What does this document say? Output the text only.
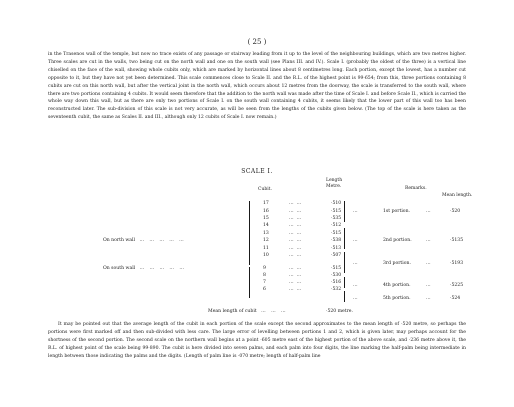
( 25 )

in the Trasenos wall of the temple, but now no trace exists of any passage or stairway leading from it up to the level of the neighbouring buildings, which are two metres higher. Three scales are cut in the walls, two being cut on the north wall and one on the south wall (see Plans III. and IV.). Scale I. (probably the oldest of the three) is a vertical line chiselled on the face of the wall, showing whole cubits only, which are marked by horizontal lines about 8 centimetres long. Each portion, except the lowest, has a number cut opposite to it, but they have not yet been determined. This scale commences close to Scale II. and the R.L. of the highest point is 99·654; from this, three portions containing 8 cubits are cut on this north wall, but after the vertical joint in the north wall, which occurs about 12 metres from the doorway, the scale is transferred to the south wall, where there are two portions containing 4 cubits. It would seem therefore that the addition to the north wall was made after the time of Scale I. and before Scale II., which is carried the whole way down this wall, but as there are only two portions of Scale I. on the south wall containing 4 cubits, it seems likely that the lower part of this wall too has been reconstructed later. The sub-division of this scale is not very accurate, as will be seen from the lengths of the cubits given below. (The top of the scale is here taken as the seventeenth cubit, the same as Scales II. and III., although only 12 cubits of Scale I. now remain.)

SCALE I.
Cubit.
Length
Metre.	Remarks.
Mean length.
On north wall  …  …  …  …  …
On south wall  …  …  …  …  …
17	… …	·510
16	… …	·515
15	… …	·535
14	… …	·512
13	… …	·515
12	… …	·538
11	… …	·513
10	… …	·507
9	… …	·515
8	… …	·530
7	… …	·516
6	… …	·532
…	1st portion.	…	·520
…	2nd portion.	…	·5135
…	3rd portion.	…	·5193
…	4th portion.	…	·5225
…	5th portion.	…	·524
Mean length of cubit  …  …  …	·520 metre.

It may be pointed out that the average length of the cubit in each portion of the scale except the second approximates to the mean length of ·520 metre, so perhaps the portions were first marked off and then sub-divided with less care. The large error of levelling between portions 1 and 2, which is given later, may perhaps account for the shortness of the second portion. The second scale on the northern wall begins at a point ·605 metre east of the highest portion of the above scale, and ·236 metre above it, the R.L. of highest point of the scale being 99·890. The cubit is here divided into seven palms, and each palm into four digits, the line marking the half-palm being intermediate in length between those indicating the palms and the digits. (Length of palm line is ·070 metre; length of half-palm line
